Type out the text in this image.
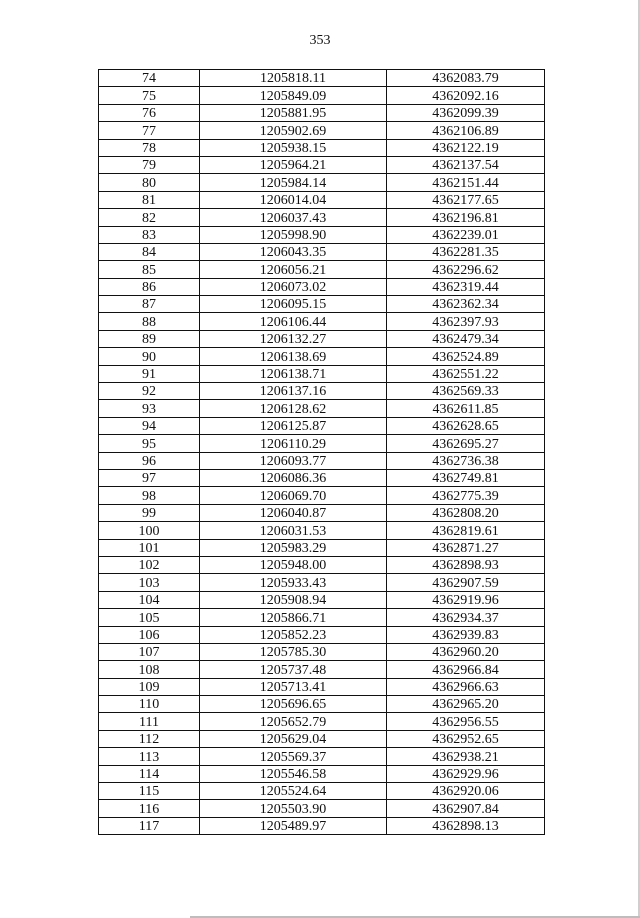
353
74	1205818.11	4362083.79
75	1205849.09	4362092.16
76	1205881.95	4362099.39
77	1205902.69	4362106.89
78	1205938.15	4362122.19
79	1205964.21	4362137.54
80	1205984.14	4362151.44
81	1206014.04	4362177.65
82	1206037.43	4362196.81
83	1205998.90	4362239.01
84	1206043.35	4362281.35
85	1206056.21	4362296.62
86	1206073.02	4362319.44
87	1206095.15	4362362.34
88	1206106.44	4362397.93
89	1206132.27	4362479.34
90	1206138.69	4362524.89
91	1206138.71	4362551.22
92	1206137.16	4362569.33
93	1206128.62	4362611.85
94	1206125.87	4362628.65
95	1206110.29	4362695.27
96	1206093.77	4362736.38
97	1206086.36	4362749.81
98	1206069.70	4362775.39
99	1206040.87	4362808.20
100	1206031.53	4362819.61
101	1205983.29	4362871.27
102	1205948.00	4362898.93
103	1205933.43	4362907.59
104	1205908.94	4362919.96
105	1205866.71	4362934.37
106	1205852.23	4362939.83
107	1205785.30	4362960.20
108	1205737.48	4362966.84
109	1205713.41	4362966.63
110	1205696.65	4362965.20
111	1205652.79	4362956.55
112	1205629.04	4362952.65
113	1205569.37	4362938.21
114	1205546.58	4362929.96
115	1205524.64	4362920.06
116	1205503.90	4362907.84
117	1205489.97	4362898.13
